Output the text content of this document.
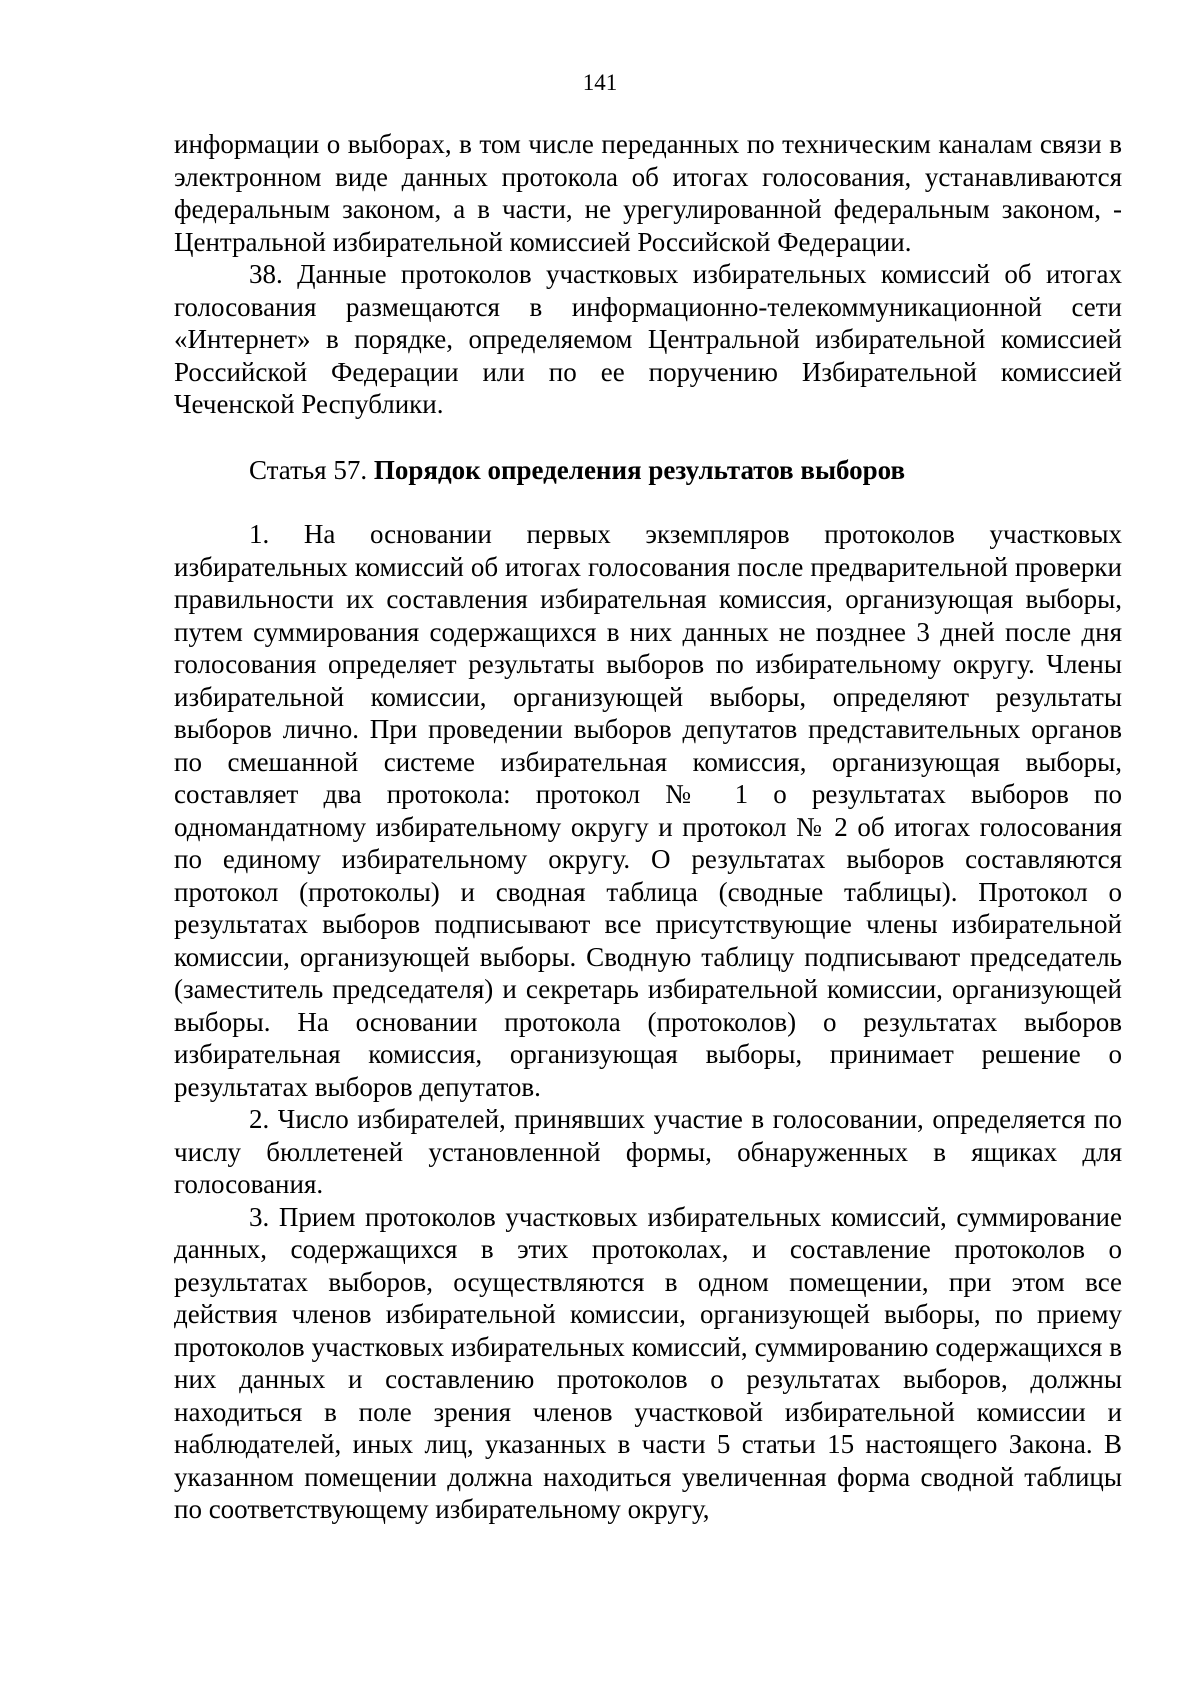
141

информации о выборах, в том числе переданных по техническим каналам связи в электронном виде данных протокола об итогах голосования, устанавливаются федеральным законом, а в части, не урегулированной федеральным законом, - Центральной избирательной комиссией Российской Федерации.

38. Данные протоколов участковых избирательных комиссий об итогах голосования размещаются в информационно-телекоммуникационной сети «Интернет» в порядке, определяемом Центральной избирательной комиссией Российской Федерации или по ее поручению Избирательной комиссией Чеченской Республики.

Статья 57. Порядок определения результатов выборов

1. На основании первых экземпляров протоколов участковых избирательных комиссий об итогах голосования после предварительной проверки правильности их составления избирательная комиссия, организующая выборы, путем суммирования содержащихся в них данных не позднее 3 дней после дня голосования определяет результаты выборов по избирательному округу. Члены избирательной комиссии, организующей выборы, определяют результаты выборов лично. При проведении выборов депутатов представительных органов по смешанной системе избирательная комиссия, организующая выборы, составляет два протокола: протокол № 1 о результатах выборов по одномандатному избирательному округу и протокол № 2 об итогах голосования по единому избирательному округу. О результатах выборов составляются протокол (протоколы) и сводная таблица (сводные таблицы). Протокол о результатах выборов подписывают все присутствующие члены избирательной комиссии, организующей выборы. Сводную таблицу подписывают председатель (заместитель председателя) и секретарь избирательной комиссии, организующей выборы. На основании протокола (протоколов) о результатах выборов избирательная комиссия, организующая выборы, принимает решение о результатах выборов депутатов.

2. Число избирателей, принявших участие в голосовании, определяется по числу бюллетеней установленной формы, обнаруженных в ящиках для голосования.

3. Прием протоколов участковых избирательных комиссий, суммирование данных, содержащихся в этих протоколах, и составление протоколов о результатах выборов, осуществляются в одном помещении, при этом все действия членов избирательной комиссии, организующей выборы, по приему протоколов участковых избирательных комиссий, суммированию содержащихся в них данных и составлению протоколов о результатах выборов, должны находиться в поле зрения членов участковой избирательной комиссии и наблюдателей, иных лиц, указанных в части 5 статьи 15 настоящего Закона. В указанном помещении должна находиться увеличенная форма сводной таблицы по соответствующему избирательному округу,
